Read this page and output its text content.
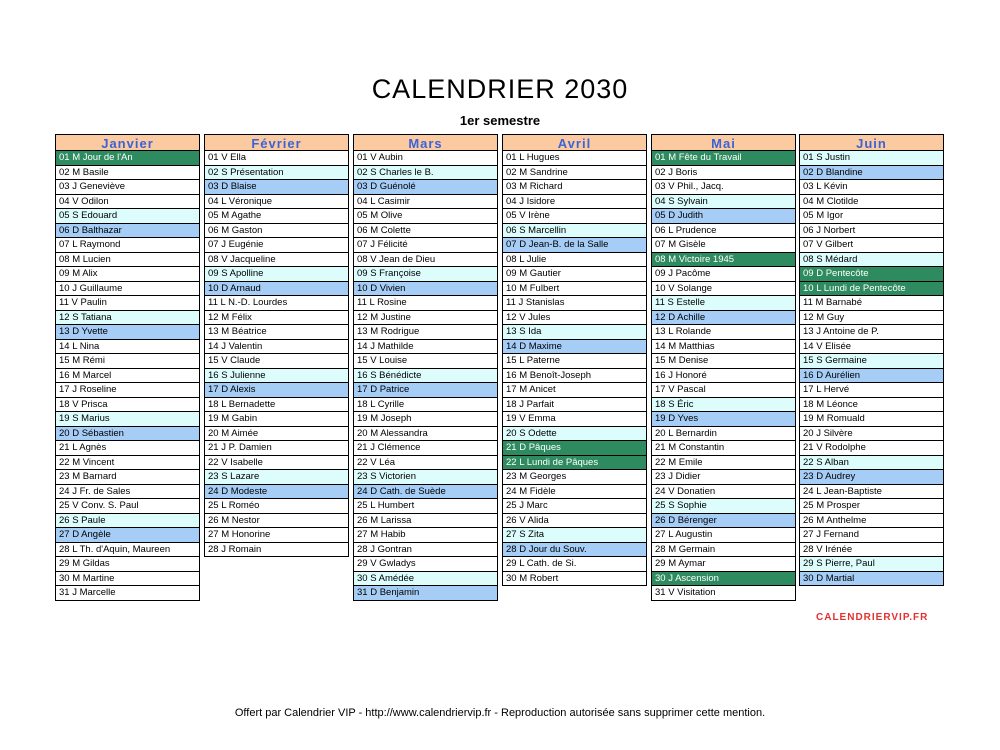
CALENDRIER 2030
1er semestre
Janvier
01 M Jour de l'An
02 M Basile
03 J Geneviève
04 V Odilon
05 S Edouard
06 D Balthazar
07 L Raymond
08 M Lucien
09 M Alix
10 J Guillaume
11 V Paulin
12 S Tatiana
13 D Yvette
14 L Nina
15 M Rémi
16 M Marcel
17 J Roseline
18 V Prisca
19 S Marius
20 D Sébastien
21 L Agnès
22 M Vincent
23 M Barnard
24 J Fr. de Sales
25 V Conv. S. Paul
26 S Paule
27 D Angèle
28 L Th. d'Aquin, Maureen
29 M Gildas
30 M Martine
31 J Marcelle
Février
01 V Ella
02 S Présentation
03 D Blaise
04 L Véronique
05 M Agathe
06 M Gaston
07 J Eugénie
08 V Jacqueline
09 S Apolline
10 D Arnaud
11 L N.-D. Lourdes
12 M Félix
13 M Béatrice
14 J Valentin
15 V Claude
16 S Julienne
17 D Alexis
18 L Bernadette
19 M Gabin
20 M Aimée
21 J P. Damien
22 V Isabelle
23 S Lazare
24 D Modeste
25 L Roméo
26 M Nestor
27 M Honorine
28 J Romain
Mars
01 V Aubin
02 S Charles le B.
03 D Guénolé
04 L Casimir
05 M Olive
06 M Colette
07 J Félicité
08 V Jean de Dieu
09 S Françoise
10 D Vivien
11 L Rosine
12 M Justine
13 M Rodrigue
14 J Mathilde
15 V Louise
16 S Bénédicte
17 D Patrice
18 L Cyrille
19 M Joseph
20 M Alessandra
21 J Clémence
22 V Léa
23 S Victorien
24 D Cath. de Suède
25 L Humbert
26 M Larissa
27 M Habib
28 J Gontran
29 V Gwladys
30 S Amédée
31 D Benjamin
Avril
01 L Hugues
02 M Sandrine
03 M Richard
04 J Isidore
05 V Irène
06 S Marcellin
07 D Jean-B. de la Salle
08 L Julie
09 M Gautier
10 M Fulbert
11 J Stanislas
12 V Jules
13 S Ida
14 D Maxime
15 L Paterne
16 M Benoît-Joseph
17 M Anicet
18 J Parfait
19 V Emma
20 S Odette
21 D Pâques
22 L Lundi de Pâques
23 M Georges
24 M Fidèle
25 J Marc
26 V Alida
27 S Zita
28 D Jour du Souv.
29 L Cath. de Si.
30 M Robert
Mai
01 M Fête du Travail
02 J Boris
03 V Phil., Jacq.
04 S Sylvain
05 D Judith
06 L Prudence
07 M Gisèle
08 M Victoire 1945
09 J Pacôme
10 V Solange
11 S Estelle
12 D Achille
13 L Rolande
14 M Matthias
15 M Denise
16 J Honoré
17 V Pascal
18 S Éric
19 D Yves
20 L Bernardin
21 M Constantin
22 M Emile
23 J Didier
24 V Donatien
25 S Sophie
26 D Bérenger
27 L Augustin
28 M Germain
29 M Aymar
30 J Ascension
31 V Visitation
Juin
01 S Justin
02 D Blandine
03 L Kévin
04 M Clotilde
05 M Igor
06 J Norbert
07 V Gilbert
08 S Médard
09 D Pentecôte
10 L Lundi de Pentecôte
11 M Barnabé
12 M Guy
13 J Antoine de P.
14 V Elisée
15 S Germaine
16 D Aurélien
17 L Hervé
18 M Léonce
19 M Romuald
20 J Silvère
21 V Rodolphe
22 S Alban
23 D Audrey
24 L Jean-Baptiste
25 M Prosper
26 M Anthelme
27 J Fernand
28 V Irénée
29 S Pierre, Paul
30 D Martial
CALENDRIERVIP.FR
Offert par Calendrier VIP - http://www.calendriervip.fr - Reproduction autorisée sans supprimer cette mention.
